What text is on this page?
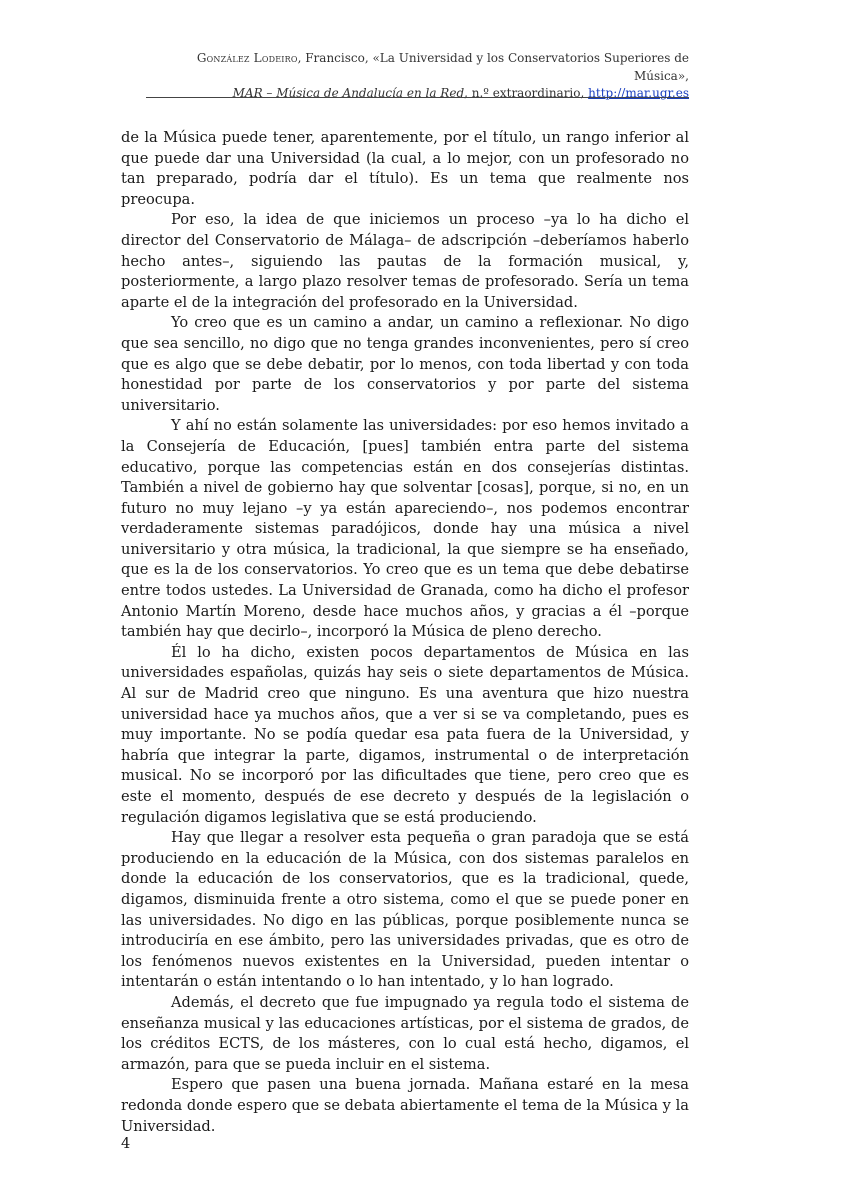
González Lodeiro, Francisco, «La Universidad y los Conservatorios Superiores de Música»,
MAR – Música de Andalucía en la Red, n.º extraordinario, http://mar.ugr.es

de la Música puede tener, aparentemente, por el título, un rango inferior al que puede dar una Universidad (la cual, a lo mejor, con un profesorado no tan preparado, podría dar el título). Es un tema que realmente nos preocupa.

Por eso, la idea de que iniciemos un proceso –ya lo ha dicho el director del Conservatorio de Málaga– de adscripción –deberíamos haberlo hecho antes–, siguiendo las pautas de la formación musical, y, posteriormente, a largo plazo resolver temas de profesorado. Sería un tema aparte el de la integración del profesorado en la Universidad.

Yo creo que es un camino a andar, un camino a reflexionar. No digo que sea sencillo, no digo que no tenga grandes inconvenientes, pero sí creo que es algo que se debe debatir, por lo menos, con toda libertad y con toda honestidad por parte de los conservatorios y por parte del sistema universitario.

Y ahí no están solamente las universidades: por eso hemos invitado a la Consejería de Educación, [pues] también entra parte del sistema educativo, porque las competencias están en dos consejerías distintas. También a nivel de gobierno hay que solventar [cosas], porque, si no, en un futuro no muy lejano –y ya están apareciendo–, nos podemos encontrar verdaderamente sistemas paradójicos, donde hay una música a nivel universitario y otra música, la tradicional, la que siempre se ha enseñado, que es la de los conservatorios. Yo creo que es un tema que debe debatirse entre todos ustedes. La Universidad de Granada, como ha dicho el profesor Antonio Martín Moreno, desde hace muchos años, y gracias a él –porque también hay que decirlo–, incorporó la Música de pleno derecho.

Él lo ha dicho, existen pocos departamentos de Música en las universidades españolas, quizás hay seis o siete departamentos de Música. Al sur de Madrid creo que ninguno. Es una aventura que hizo nuestra universidad hace ya muchos años, que a ver si se va completando, pues es muy importante. No se podía quedar esa pata fuera de la Universidad, y habría que integrar la parte, digamos, instrumental o de interpretación musical. No se incorporó por las dificultades que tiene, pero creo que es este el momento, después de ese decreto y después de la legislación o regulación digamos legislativa que se está produciendo.

Hay que llegar a resolver esta pequeña o gran paradoja que se está produciendo en la educación de la Música, con dos sistemas paralelos en donde la educación de los conservatorios, que es la tradicional, quede, digamos, disminuida frente a otro sistema, como el que se puede poner en las universidades. No digo en las públicas, porque posiblemente nunca se introduciría en ese ámbito, pero las universidades privadas, que es otro de los fenómenos nuevos existentes en la Universidad, pueden intentar o intentarán o están intentando o lo han intentado, y lo han logrado.

Además, el decreto que fue impugnado ya regula todo el sistema de enseñanza musical y las educaciones artísticas, por el sistema de grados, de los créditos ECTS, de los másteres, con lo cual está hecho, digamos, el armazón, para que se pueda incluir en el sistema.

Espero que pasen una buena jornada. Mañana estaré en la mesa redonda donde espero que se debata abiertamente el tema de la Música y la Universidad.

4
